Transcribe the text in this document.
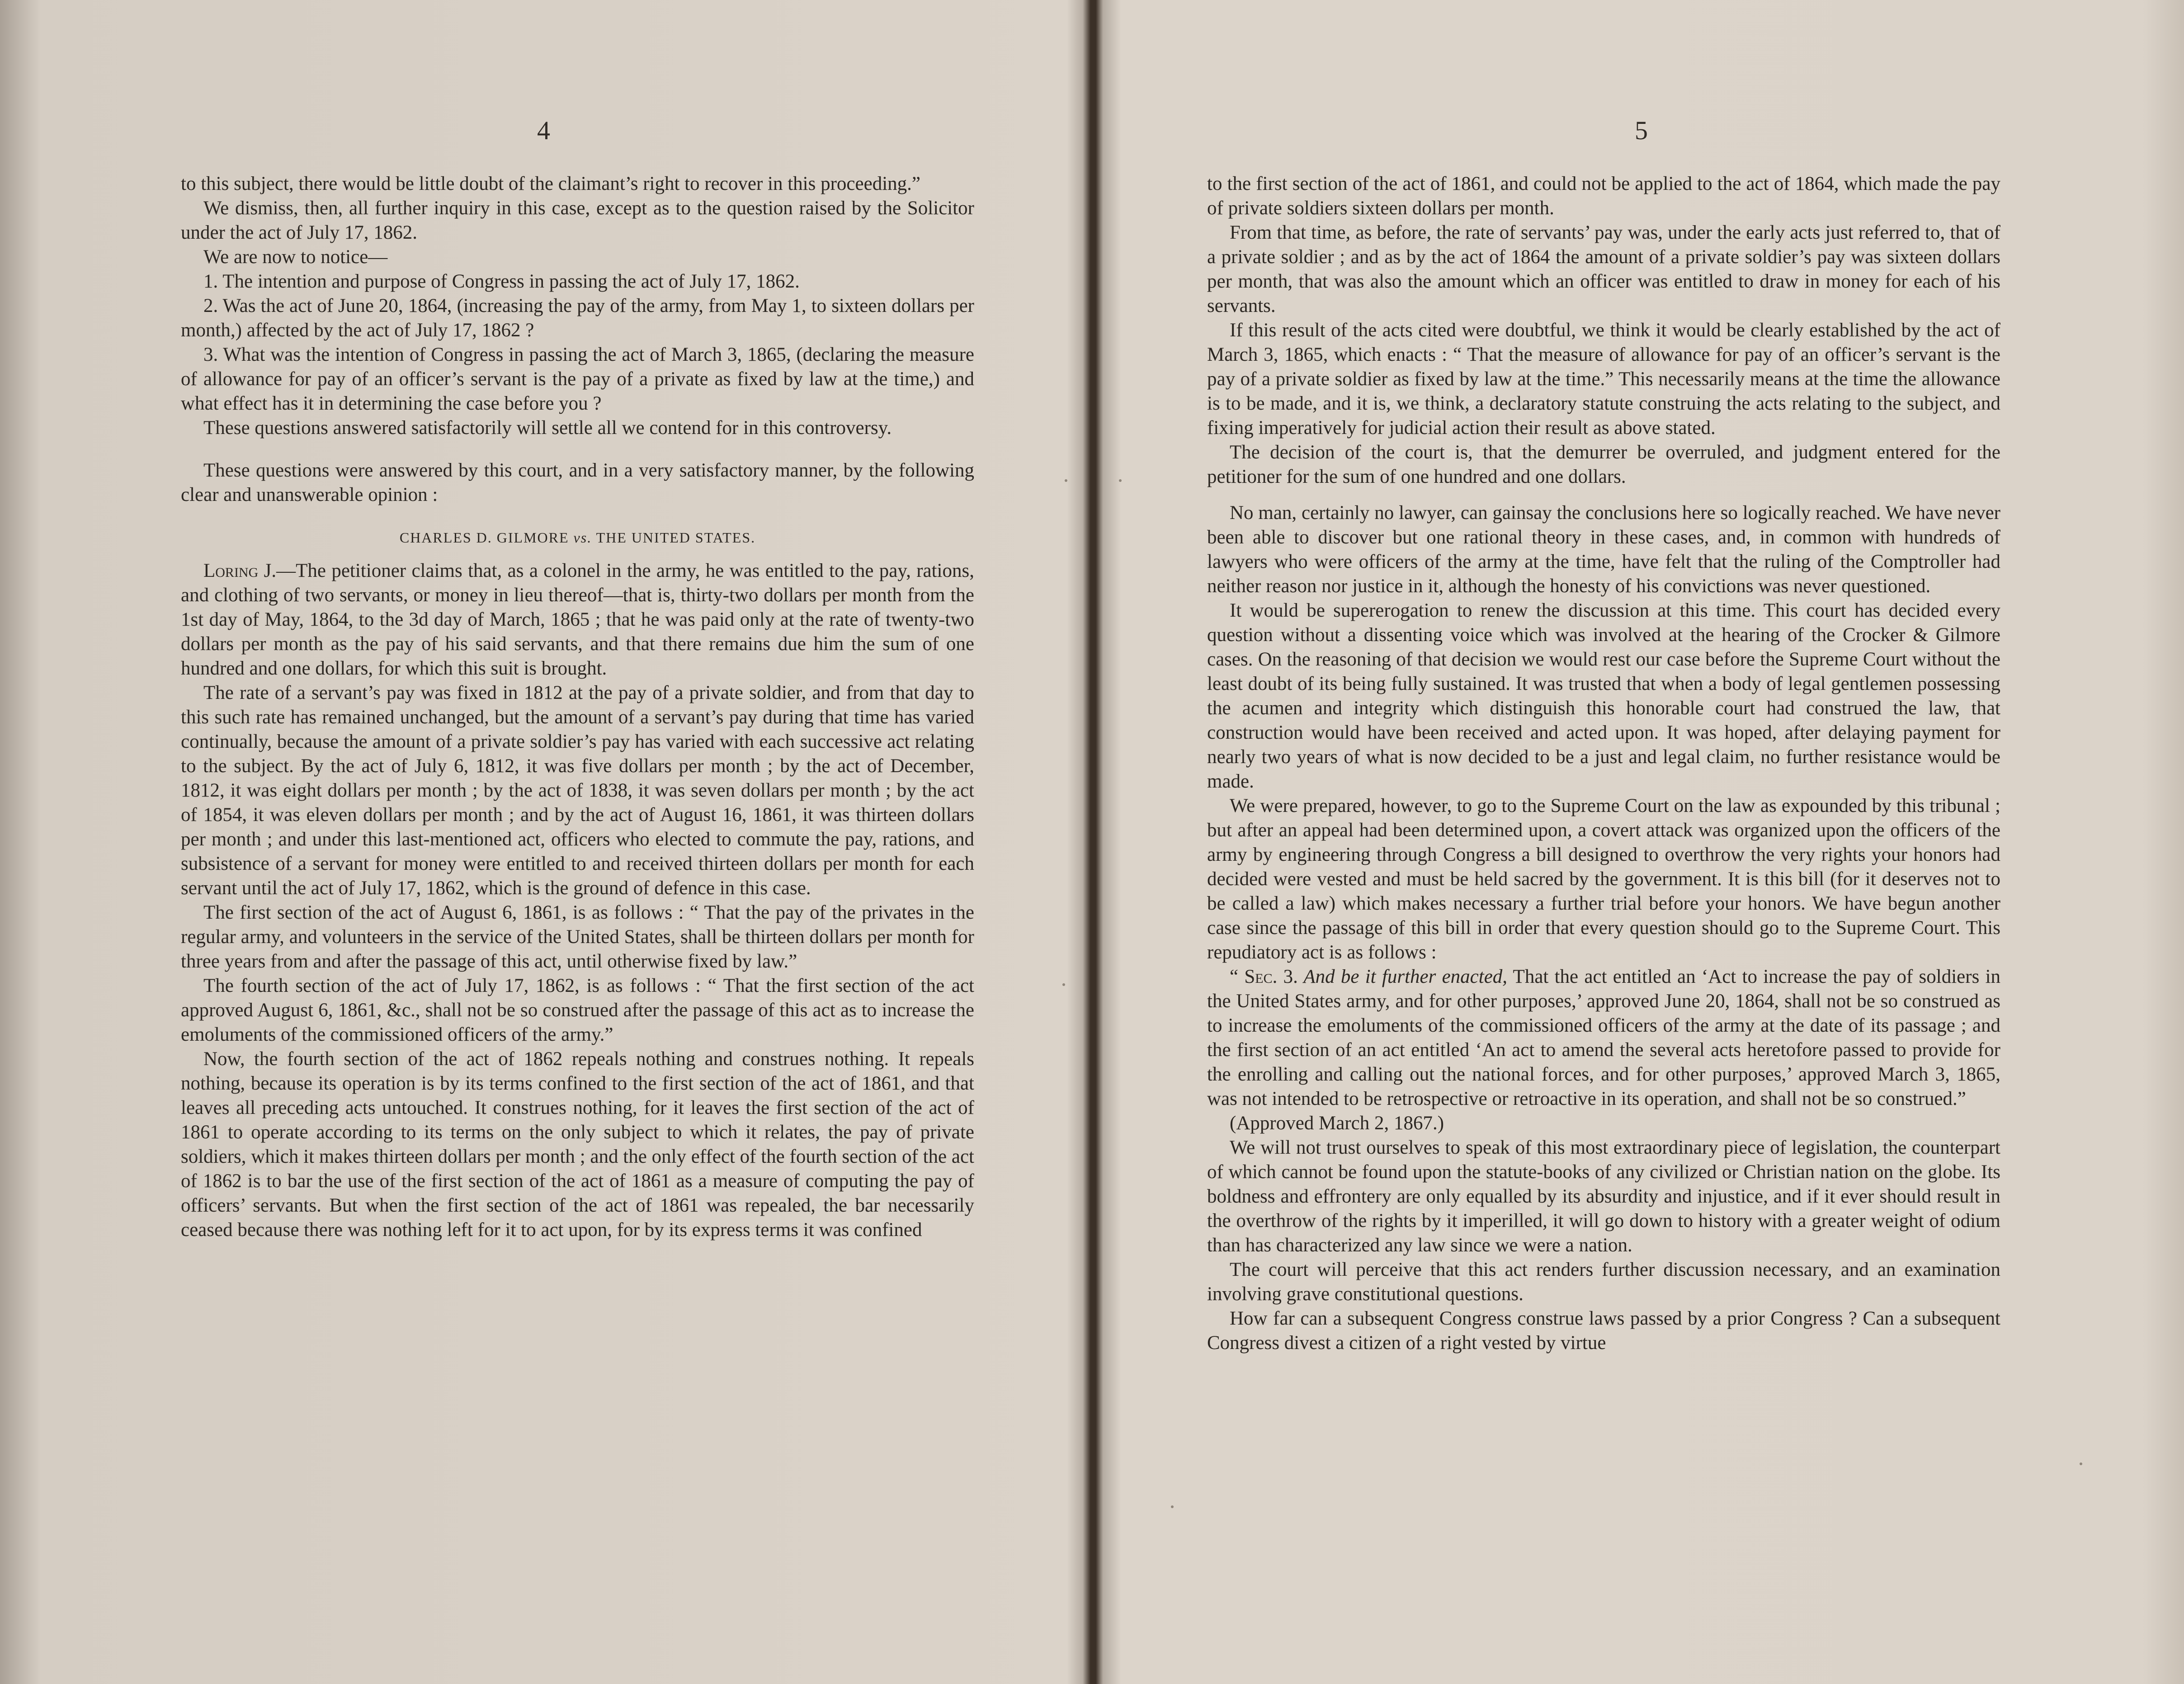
4

to this subject, there would be little doubt of the claimant’s right to recover in this proceeding.”

We dismiss, then, all further inquiry in this case, except as to the question raised by the Solicitor under the act of July 17, 1862.

We are now to notice—

1. The intention and purpose of Congress in passing the act of July 17, 1862.

2. Was the act of June 20, 1864, (increasing the pay of the army, from May 1, to sixteen dollars per month,) affected by the act of July 17, 1862 ?

3. What was the intention of Congress in passing the act of March 3, 1865, (declaring the measure of allowance for pay of an officer’s servant is the pay of a private as fixed by law at the time,) and what effect has it in determining the case before you ?

These questions answered satisfactorily will settle all we contend for in this controversy.

These questions were answered by this court, and in a very satisfactory manner, by the following clear and unanswerable opinion :

CHARLES D. GILMORE vs. THE UNITED STATES.

Loring J.—The petitioner claims that, as a colonel in the army, he was entitled to the pay, rations, and clothing of two servants, or money in lieu thereof—that is, thirty-two dollars per month from the 1st day of May, 1864, to the 3d day of March, 1865 ; that he was paid only at the rate of twenty-two dollars per month as the pay of his said servants, and that there remains due him the sum of one hundred and one dollars, for which this suit is brought.

The rate of a servant’s pay was fixed in 1812 at the pay of a private soldier, and from that day to this such rate has remained unchanged, but the amount of a servant’s pay during that time has varied continually, because the amount of a private soldier’s pay has varied with each successive act relating to the subject. By the act of July 6, 1812, it was five dollars per month ; by the act of December, 1812, it was eight dollars per month ; by the act of 1838, it was seven dollars per month ; by the act of 1854, it was eleven dollars per month ; and by the act of August 16, 1861, it was thirteen dollars per month ; and under this last-mentioned act, officers who elected to commute the pay, rations, and subsistence of a servant for money were entitled to and received thirteen dollars per month for each servant until the act of July 17, 1862, which is the ground of defence in this case.

The first section of the act of August 6, 1861, is as follows : “ That the pay of the privates in the regular army, and volunteers in the service of the United States, shall be thirteen dollars per month for three years from and after the passage of this act, until otherwise fixed by law.”

The fourth section of the act of July 17, 1862, is as follows : “ That the first section of the act approved August 6, 1861, &c., shall not be so construed after the passage of this act as to increase the emoluments of the commissioned officers of the army.”

Now, the fourth section of the act of 1862 repeals nothing and construes nothing. It repeals nothing, because its operation is by its terms confined to the first section of the act of 1861, and that leaves all preceding acts untouched. It construes nothing, for it leaves the first section of the act of 1861 to operate according to its terms on the only subject to which it relates, the pay of private soldiers, which it makes thirteen dollars per month ; and the only effect of the fourth section of the act of 1862 is to bar the use of the first section of the act of 1861 as a measure of computing the pay of officers’ servants. But when the first section of the act of 1861 was repealed, the bar necessarily ceased because there was nothing left for it to act upon, for by its express terms it was confined

5

to the first section of the act of 1861, and could not be applied to the act of 1864, which made the pay of private soldiers sixteen dollars per month.

From that time, as before, the rate of servants’ pay was, under the early acts just referred to, that of a private soldier ; and as by the act of 1864 the amount of a private soldier’s pay was sixteen dollars per month, that was also the amount which an officer was entitled to draw in money for each of his servants.

If this result of the acts cited were doubtful, we think it would be clearly established by the act of March 3, 1865, which enacts : “ That the measure of allowance for pay of an officer’s servant is the pay of a private soldier as fixed by law at the time.” This necessarily means at the time the allowance is to be made, and it is, we think, a declaratory statute construing the acts relating to the subject, and fixing imperatively for judicial action their result as above stated.

The decision of the court is, that the demurrer be overruled, and judgment entered for the petitioner for the sum of one hundred and one dollars.

No man, certainly no lawyer, can gainsay the conclusions here so logically reached. We have never been able to discover but one rational theory in these cases, and, in common with hundreds of lawyers who were officers of the army at the time, have felt that the ruling of the Comptroller had neither reason nor justice in it, although the honesty of his convictions was never questioned.

It would be supererogation to renew the discussion at this time. This court has decided every question without a dissenting voice which was involved at the hearing of the Crocker & Gilmore cases. On the reasoning of that decision we would rest our case before the Supreme Court without the least doubt of its being fully sustained. It was trusted that when a body of legal gentlemen possessing the acumen and integrity which distinguish this honorable court had construed the law, that construction would have been received and acted upon. It was hoped, after delaying payment for nearly two years of what is now decided to be a just and legal claim, no further resistance would be made.

We were prepared, however, to go to the Supreme Court on the law as expounded by this tribunal ; but after an appeal had been determined upon, a covert attack was organized upon the officers of the army by engineering through Congress a bill designed to overthrow the very rights your honors had decided were vested and must be held sacred by the government. It is this bill (for it deserves not to be called a law) which makes necessary a further trial before your honors. We have begun another case since the passage of this bill in order that every question should go to the Supreme Court. This repudiatory act is as follows :

“ Sec. 3. And be it further enacted, That the act entitled an ‘Act to increase the pay of soldiers in the United States army, and for other purposes,’ approved June 20, 1864, shall not be so construed as to increase the emoluments of the commissioned officers of the army at the date of its passage ; and the first section of an act entitled ‘An act to amend the several acts heretofore passed to provide for the enrolling and calling out the national forces, and for other purposes,’ approved March 3, 1865, was not intended to be retrospective or retroactive in its operation, and shall not be so construed.”

(Approved March 2, 1867.)

We will not trust ourselves to speak of this most extraordinary piece of legislation, the counterpart of which cannot be found upon the statute-books of any civilized or Christian nation on the globe. Its boldness and effrontery are only equalled by its absurdity and injustice, and if it ever should result in the overthrow of the rights by it imperilled, it will go down to history with a greater weight of odium than has characterized any law since we were a nation.

The court will perceive that this act renders further discussion necessary, and an examination involving grave constitutional questions.

How far can a subsequent Congress construe laws passed by a prior Congress ? Can a subsequent Congress divest a citizen of a right vested by virtue
